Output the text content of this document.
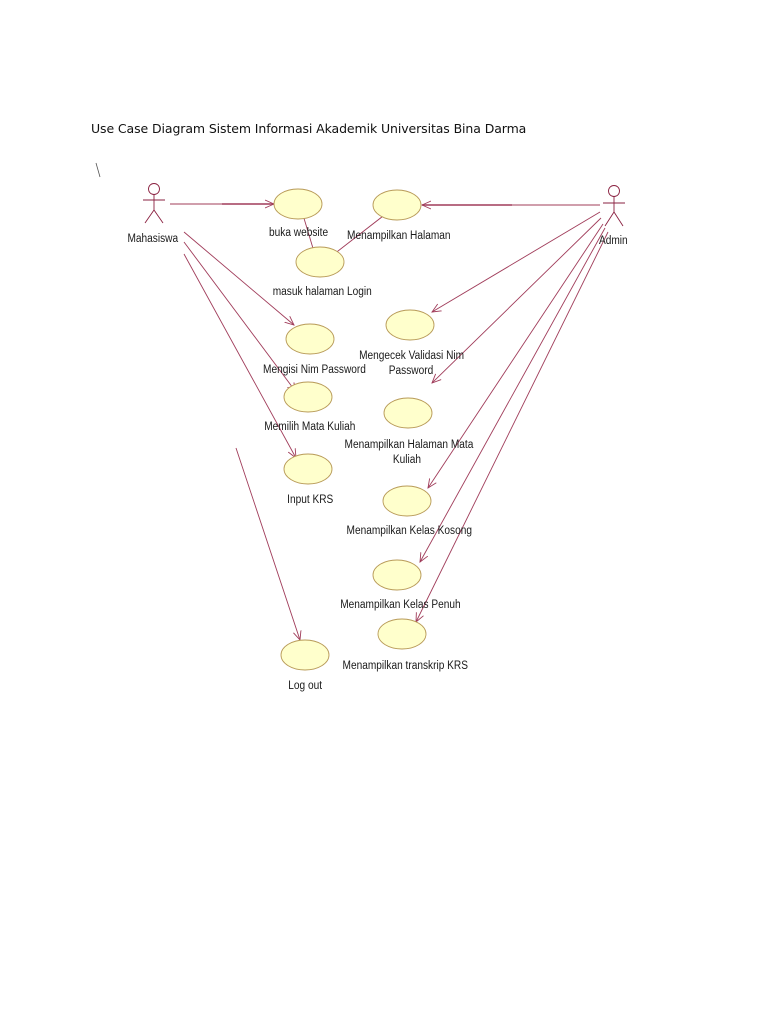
Use Case Diagram Sistem Informasi Akademik Universitas Bina Darma
Mahasiswa	Admin
buka website Menampilkan Halaman
masuk halaman Login
Mengecek Validasi Nim
Password
Mengisi Nim Password
Memilih Mata Kuliah
Menampilkan Halaman Mata
Kuliah
Input KRS
Menampilkan Kelas Kosong
Menampilkan Kelas Penuh
Log out
Menampilkan transkrip KRS
